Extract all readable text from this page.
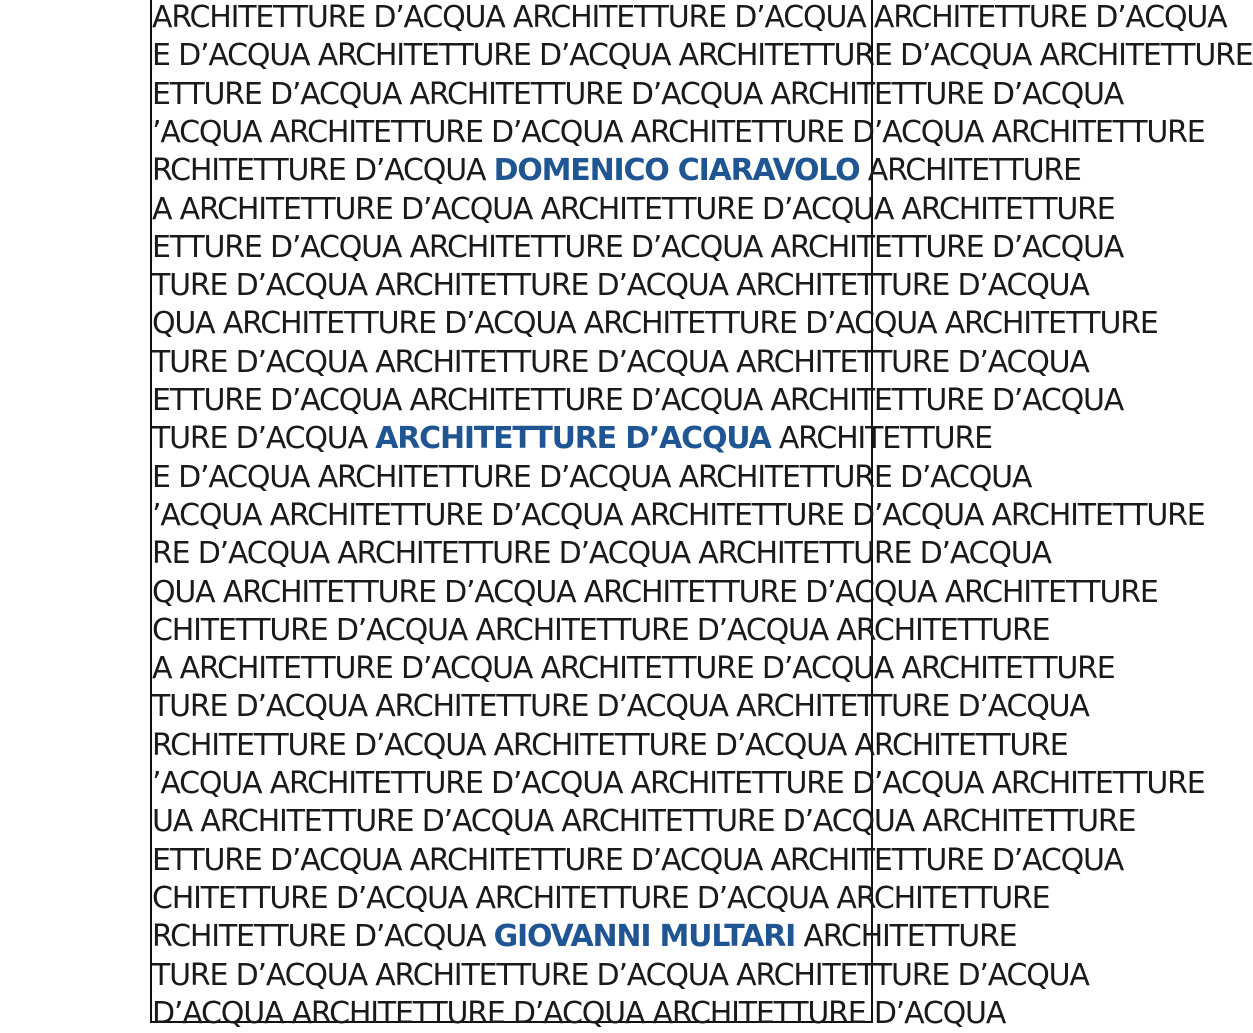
ARCHITETTURE D’ACQUA ARCHITETTURE D’ACQUA ARCHITETTURE D’ACQUA
E D’ACQUA ARCHITETTURE D’ACQUA ARCHITETTURE D’ACQUA ARCHITETTURE
ETTURE D’ACQUA ARCHITETTURE D’ACQUA ARCHITETTURE D’ACQUA
’ACQUA ARCHITETTURE D’ACQUA ARCHITETTURE D’ACQUA ARCHITETTURE
RCHITETTURE D’ACQUA DOMENICO CIARAVOLO ARCHITETTURE
A ARCHITETTURE D’ACQUA ARCHITETTURE D’ACQUA ARCHITETTURE
ETTURE D’ACQUA ARCHITETTURE D’ACQUA ARCHITETTURE D’ACQUA
TURE D’ACQUA ARCHITETTURE D’ACQUA ARCHITETTURE D’ACQUA
QUA ARCHITETTURE D’ACQUA ARCHITETTURE D’ACQUA ARCHITETTURE
TURE D’ACQUA ARCHITETTURE D’ACQUA ARCHITETTURE D’ACQUA
ETTURE D’ACQUA ARCHITETTURE D’ACQUA ARCHITETTURE D’ACQUA
TURE D’ACQUA ARCHITETTURE D’ACQUA ARCHITETTURE
E D’ACQUA ARCHITETTURE D’ACQUA ARCHITETTURE D’ACQUA
’ACQUA ARCHITETTURE D’ACQUA ARCHITETTURE D’ACQUA ARCHITETTURE
RE D’ACQUA ARCHITETTURE D’ACQUA ARCHITETTURE D’ACQUA
QUA ARCHITETTURE D’ACQUA ARCHITETTURE D’ACQUA ARCHITETTURE
CHITETTURE D’ACQUA ARCHITETTURE D’ACQUA ARCHITETTURE
A ARCHITETTURE D’ACQUA ARCHITETTURE D’ACQUA ARCHITETTURE
TURE D’ACQUA ARCHITETTURE D’ACQUA ARCHITETTURE D’ACQUA
RCHITETTURE D’ACQUA ARCHITETTURE D’ACQUA ARCHITETTURE
’ACQUA ARCHITETTURE D’ACQUA ARCHITETTURE D’ACQUA ARCHITETTURE
UA ARCHITETTURE D’ACQUA ARCHITETTURE D’ACQUA ARCHITETTURE
ETTURE D’ACQUA ARCHITETTURE D’ACQUA ARCHITETTURE D’ACQUA
CHITETTURE D’ACQUA ARCHITETTURE D’ACQUA ARCHITETTURE
RCHITETTURE D’ACQUA GIOVANNI MULTARI ARCHITETTURE
TURE D’ACQUA ARCHITETTURE D’ACQUA ARCHITETTURE D’ACQUA
D’ACQUA ARCHITETTURE D’ACQUA ARCHITETTURE D’ACQUA
